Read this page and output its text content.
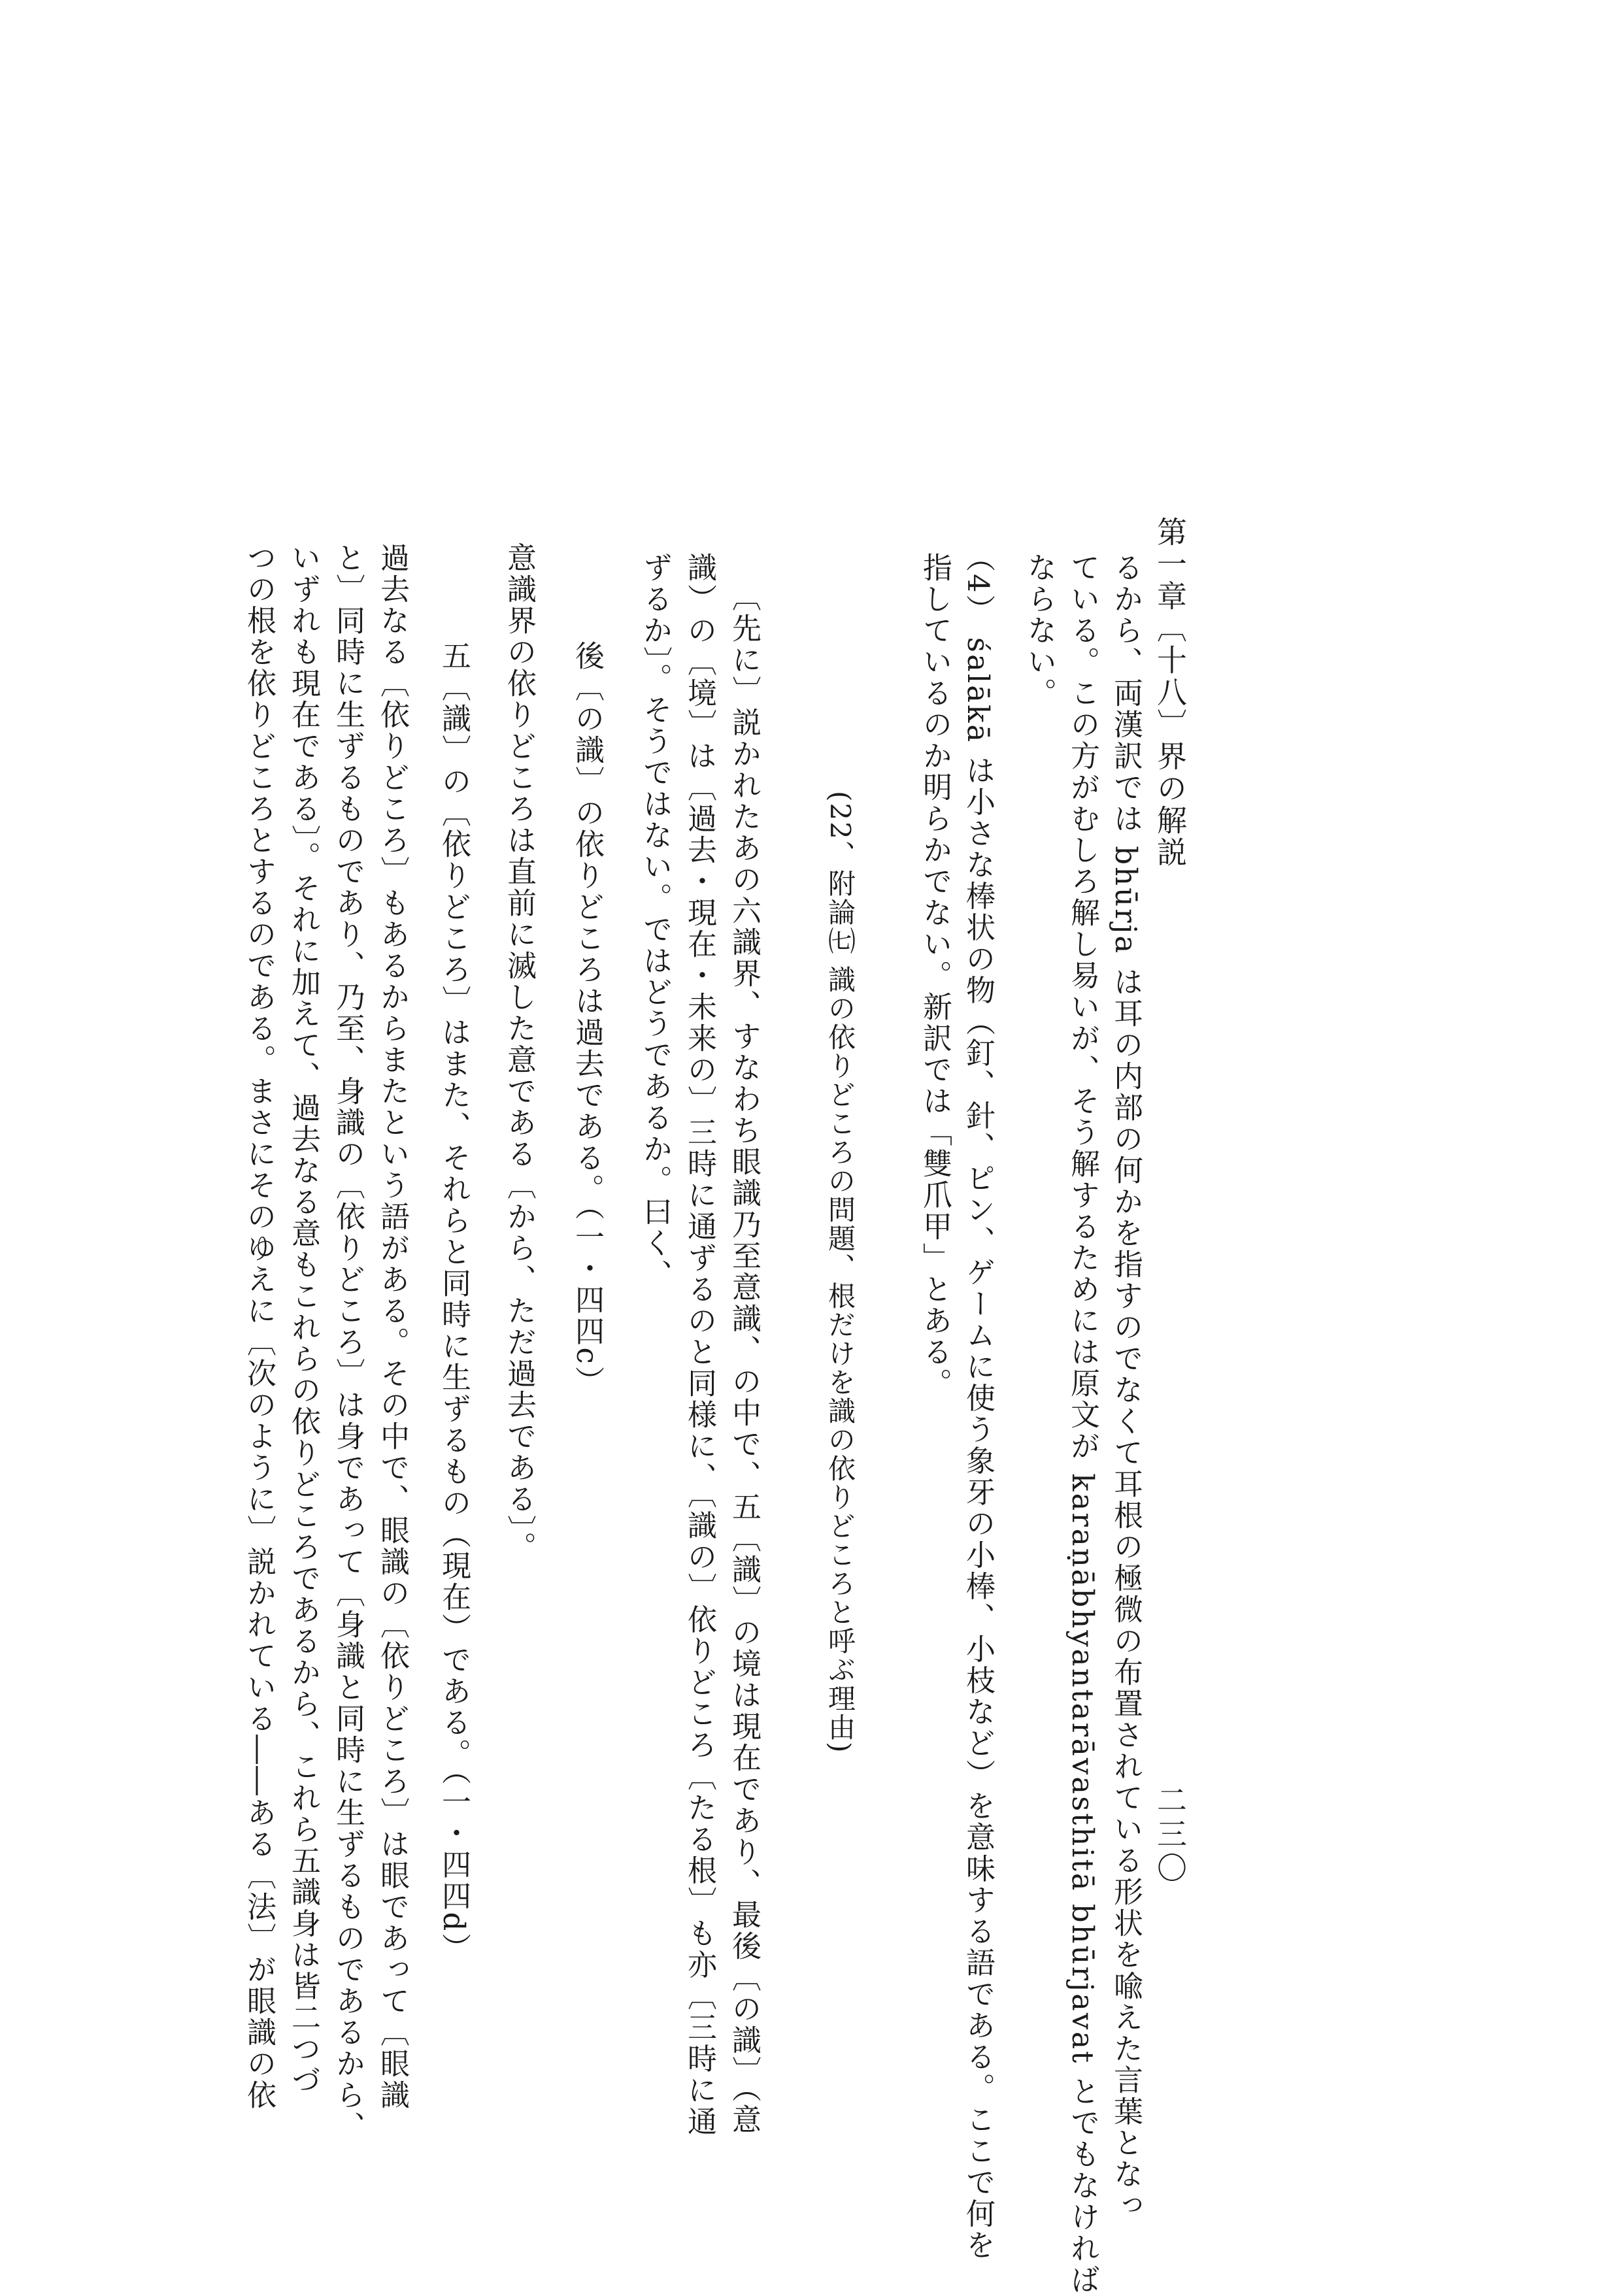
第一章〔十八〕界の解説
二三〇
るから、両漢訳では bhūrja は耳の内部の何かを指すのでなくて耳根の極微の布置されている形状を喩えた言葉となっ
ている。この方がむしろ解し易いが、そう解するためには原文が karaṇābhyantarāvasthitā bhūrjavat とでもなければ
ならない。
（4） śalākā は小さな棒状の物（釘、針、ピン、ゲームに使う象牙の小棒、小枝など）を意味する語である。ここで何を
指しているのか明らかでない。新訳では「雙爪甲」とある。
(22、附論㈦ 識の依りどころの問題、根だけを識の依りどころと呼ぶ理由)
〔先に〕説かれたあの六識界、すなわち眼識乃至意識、の中で、五〔識〕の境は現在であり、最後〔の識〕（意
識）の〔境〕は〔過去・現在・未来の〕三時に通ずるのと同様に、〔識の〕依りどころ〔たる根〕も亦〔三時に通
ずるか〕。そうではない。ではどうであるか。曰く、
後〔の識〕の依りどころは過去である。（一・四四c）
意識界の依りどころは直前に滅した意である〔から、ただ過去である〕。
五〔識〕の〔依りどころ〕はまた、それらと同時に生ずるもの（現在）である。（一・四四d）
過去なる〔依りどころ〕もあるからまたという語がある。その中で、眼識の〔依りどころ〕は眼であって〔眼識
と〕同時に生ずるものであり、乃至、身識の〔依りどころ〕は身であって〔身識と同時に生ずるものであるから、
いずれも現在である〕。それに加えて、過去なる意もこれらの依りどころであるから、これら五識身は皆二つづ
つの根を依りどころとするのである。まさにそのゆえに〔次のように〕説かれている――ある〔法〕が眼識の依
